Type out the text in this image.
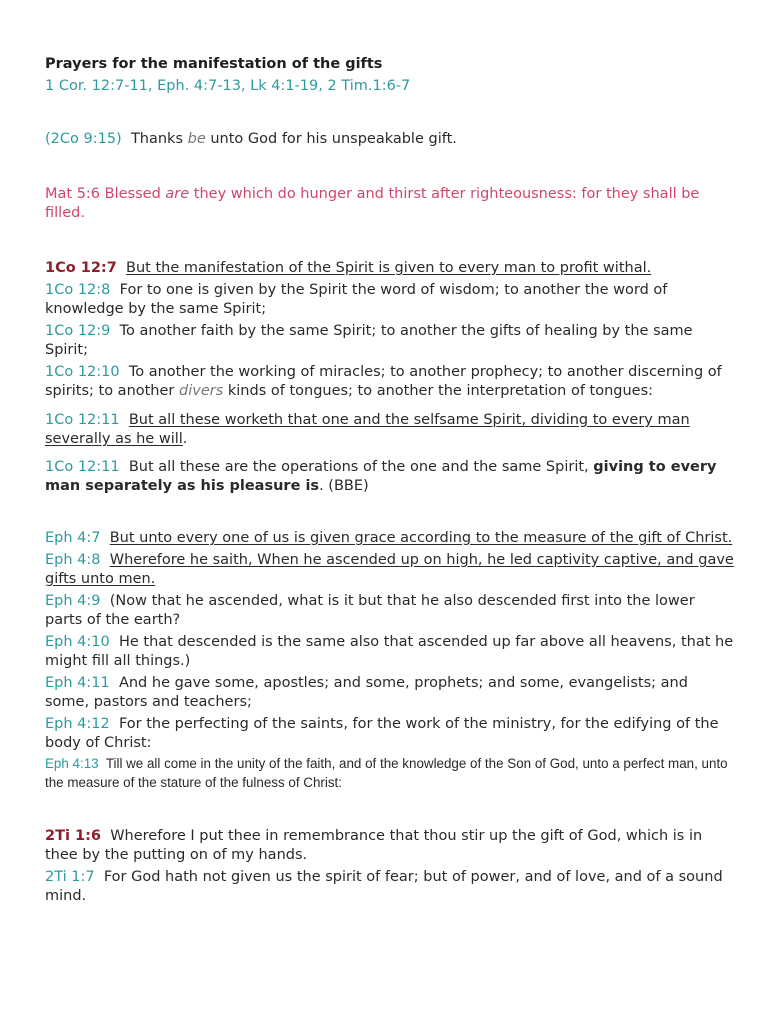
Prayers for the manifestation of the gifts

1 Cor. 12:7-11, Eph. 4:7-13, Lk 4:1-19, 2 Tim.1:6-7

(2Co 9:15) Thanks be unto God for his unspeakable gift.

Mat 5:6 Blessed are they which do hunger and thirst after righteousness: for they shall be filled.

1Co 12:7 But the manifestation of the Spirit is given to every man to profit withal.

1Co 12:8 For to one is given by the Spirit the word of wisdom; to another the word of knowledge by the same Spirit;

1Co 12:9 To another faith by the same Spirit; to another the gifts of healing by the same Spirit;

1Co 12:10 To another the working of miracles; to another prophecy; to another discerning of spirits; to another divers kinds of tongues; to another the interpretation of tongues:

1Co 12:11 But all these worketh that one and the selfsame Spirit, dividing to every man severally as he will.

1Co 12:11 But all these are the operations of the one and the same Spirit, giving to every man separately as his pleasure is. (BBE)

Eph 4:7 But unto every one of us is given grace according to the measure of the gift of Christ.

Eph 4:8 Wherefore he saith, When he ascended up on high, he led captivity captive, and gave gifts unto men.

Eph 4:9 (Now that he ascended, what is it but that he also descended first into the lower parts of the earth?

Eph 4:10 He that descended is the same also that ascended up far above all heavens, that he might fill all things.)

Eph 4:11 And he gave some, apostles; and some, prophets; and some, evangelists; and some, pastors and teachers;

Eph 4:12 For the perfecting of the saints, for the work of the ministry, for the edifying of the body of Christ:

Eph 4:13 Till we all come in the unity of the faith, and of the knowledge of the Son of God, unto a perfect man, unto the measure of the stature of the fulness of Christ:

2Ti 1:6 Wherefore I put thee in remembrance that thou stir up the gift of God, which is in thee by the putting on of my hands.

2Ti 1:7 For God hath not given us the spirit of fear; but of power, and of love, and of a sound mind.
